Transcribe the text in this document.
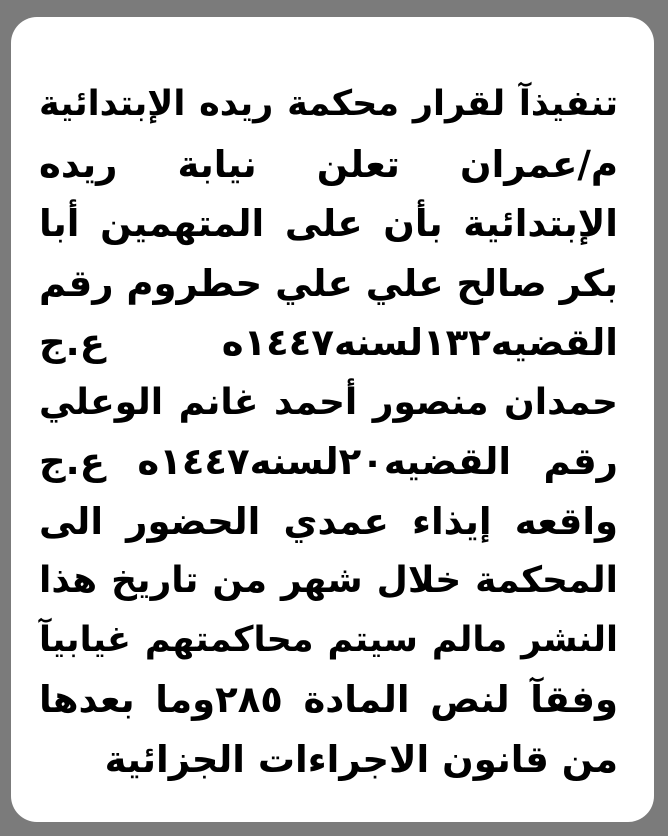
تنفيذآ لقرار محكمة ريده الإبتدائية
م/عمران تعلن نيابة ريده
الإبتدائية بأن على المتهمين أبا
بكر صالح علي علي حطروم رقم
القضيه١٣٢لسنه١٤٤٧ه ع.ج
حمدان منصور أحمد غانم الوعلي
رقم القضيه٢٠لسنه١٤٤٧ه ع.ج
واقعه إيذاء عمدي الحضور الى
المحكمة خلال شهر من تاريخ هذا
النشر مالم سيتم محاكمتهم غيابيآ
وفقآ لنص المادة ٢٨٥وما بعدها
من قانون الاجراءات الجزائية
